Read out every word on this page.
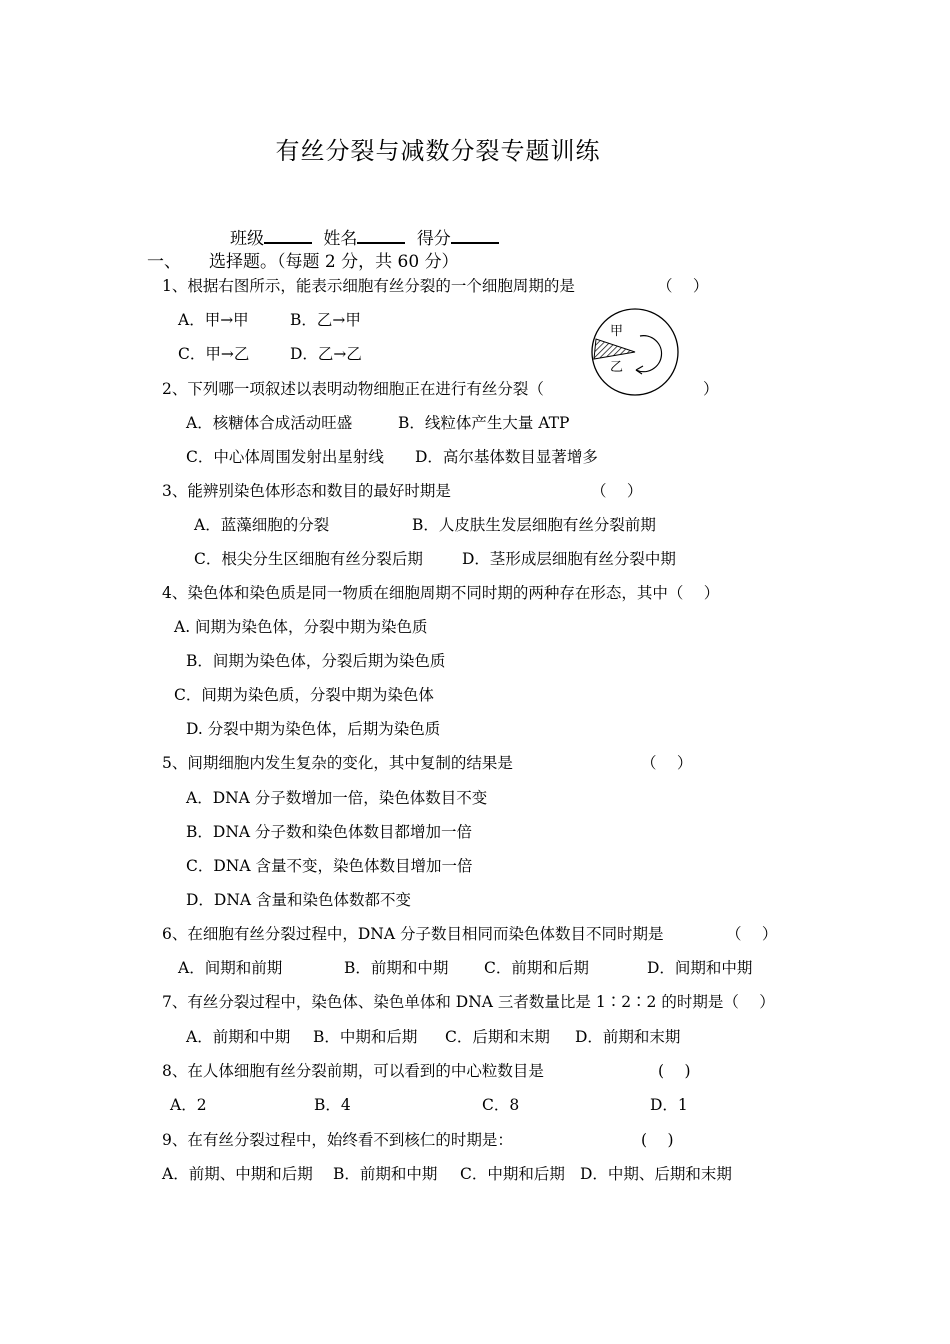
有丝分裂与减数分裂专题训练
班级	姓名	得分
一、 选择题。（每题 2 分，共 60 分）
1、根据右图所示，能表示细胞有丝分裂的一个细胞周期的是	（　 ）
A．甲→甲	B．乙→甲
C．甲→乙	D．乙→乙
甲
乙
2、下列哪一项叙述以表明动物细胞正在进行有丝分裂（	）
A．核糖体合成活动旺盛	B．线粒体产生大量 ATP
C．中心体周围发射出星射线 D．高尔基体数目显著增多
3、能辨别染色体形态和数目的最好时期是	（　 ）
A．蓝藻细胞的分裂	B．人皮肤生发层细胞有丝分裂前期
C．根尖分生区细胞有丝分裂后期	D．茎形成层细胞有丝分裂中期
4、染色体和染色质是同一物质在细胞周期不同时期的两种存在形态，其中（　 ）
A. 间期为染色体，分裂中期为染色质
B．间期为染色体，分裂后期为染色质
C．间期为染色质，分裂中期为染色体
D. 分裂中期为染色体，后期为染色质
5、间期细胞内发生复杂的变化，其中复制的结果是	（　 ）
A．DNA 分子数增加一倍，染色体数目不变
B．DNA 分子数和染色体数目都增加一倍
C．DNA 含量不变，染色体数目增加一倍
D．DNA 含量和染色体数都不变
6、在细胞有丝分裂过程中，DNA 分子数目相同而染色体数目不同时期是	（　 ）
A．间期和前期	B．前期和中期 C．前期和后期	D．间期和中期
7、有丝分裂过程中，染色体、染色单体和 DNA 三者数量比是 1∶2∶2 的时期是（　 ）
A．前期和中期 B．中期和后期 C．后期和末期 D．前期和末期
8、在人体细胞有丝分裂前期，可以看到的中心粒数目是	(　 )
A．2	B．4	C．8	D．1
9、在有丝分裂过程中，始终看不到核仁的时期是：	(　 )
A．前期、中期和后期 B．前期和中期 C．中期和后期 D．中期、后期和末期
